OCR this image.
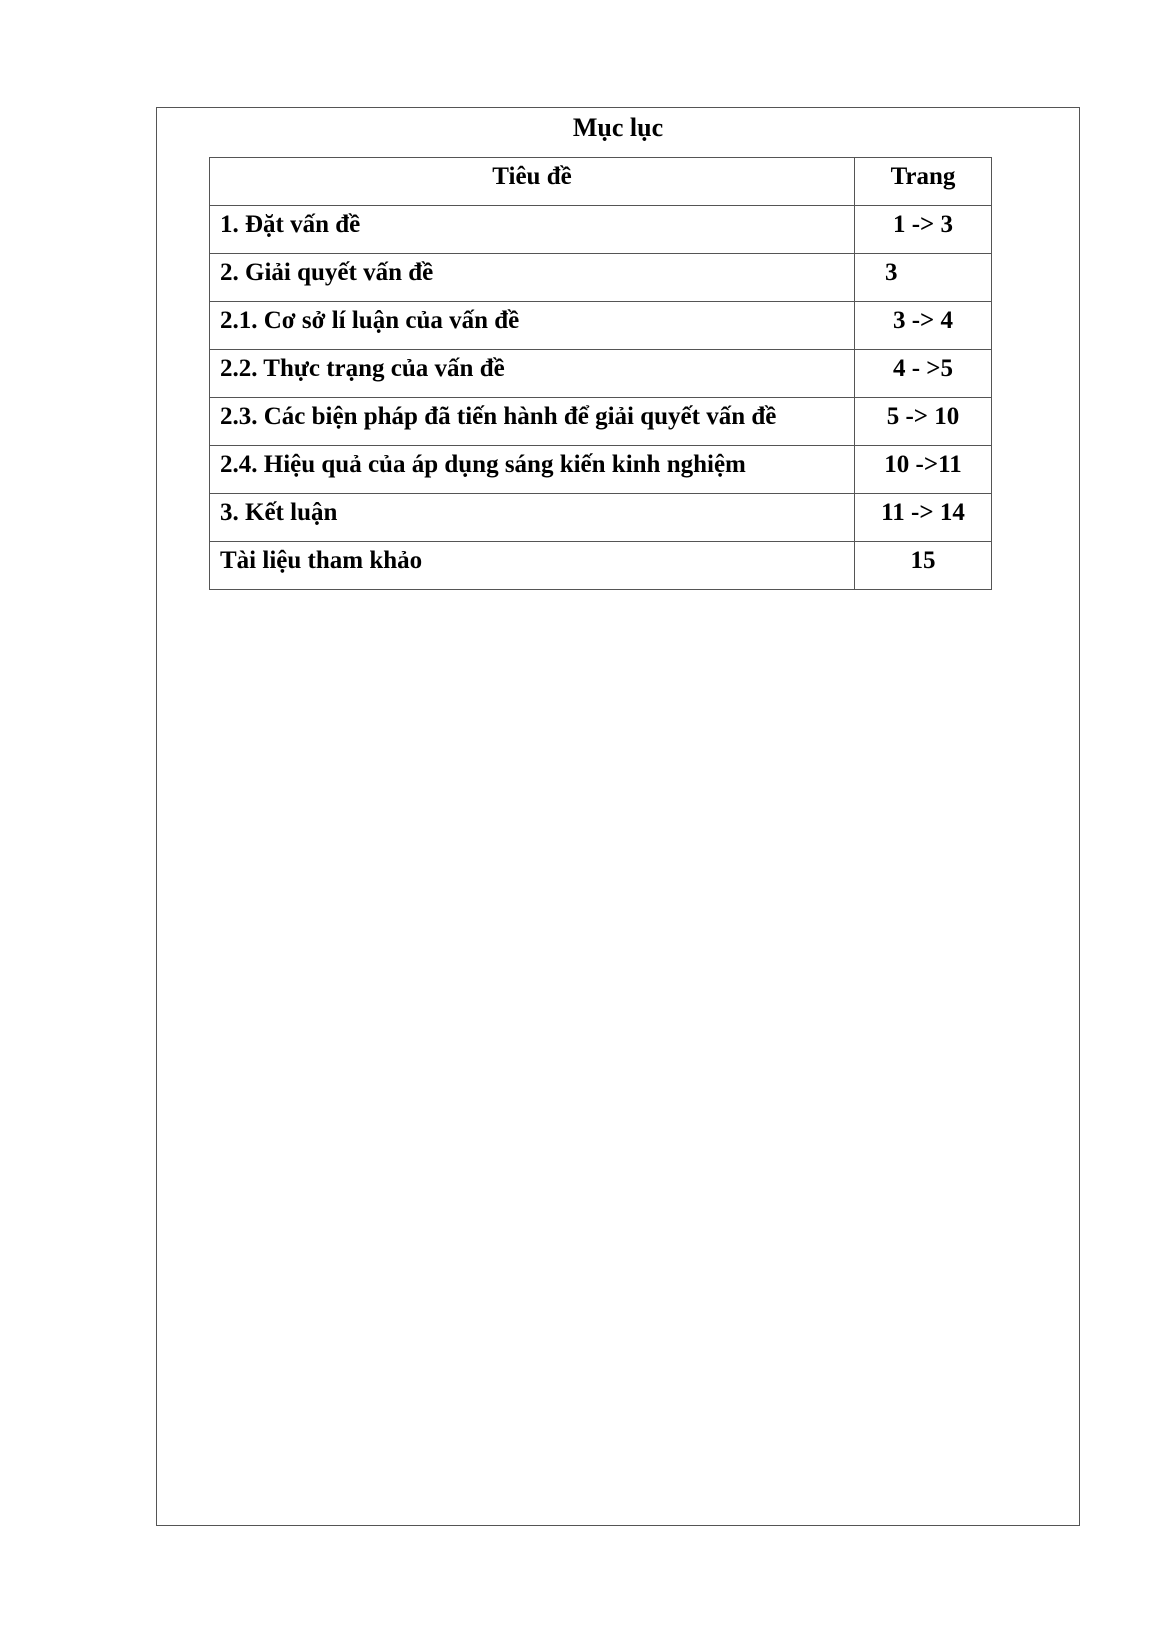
Mục lục
Tiêu đề	Trang
1. Đặt vấn đề	1 -> 3
2. Giải quyết vấn đề	3
2.1. Cơ sở lí luận của vấn đề	3 -> 4
2.2. Thực trạng của vấn đề	4 - >5
2.3. Các biện pháp đã tiến hành để giải quyết vấn đề	5 -> 10
2.4. Hiệu quả của áp dụng sáng kiến kinh nghiệm	10 ->11
3. Kết luận	11 -> 14
Tài liệu tham khảo	15
